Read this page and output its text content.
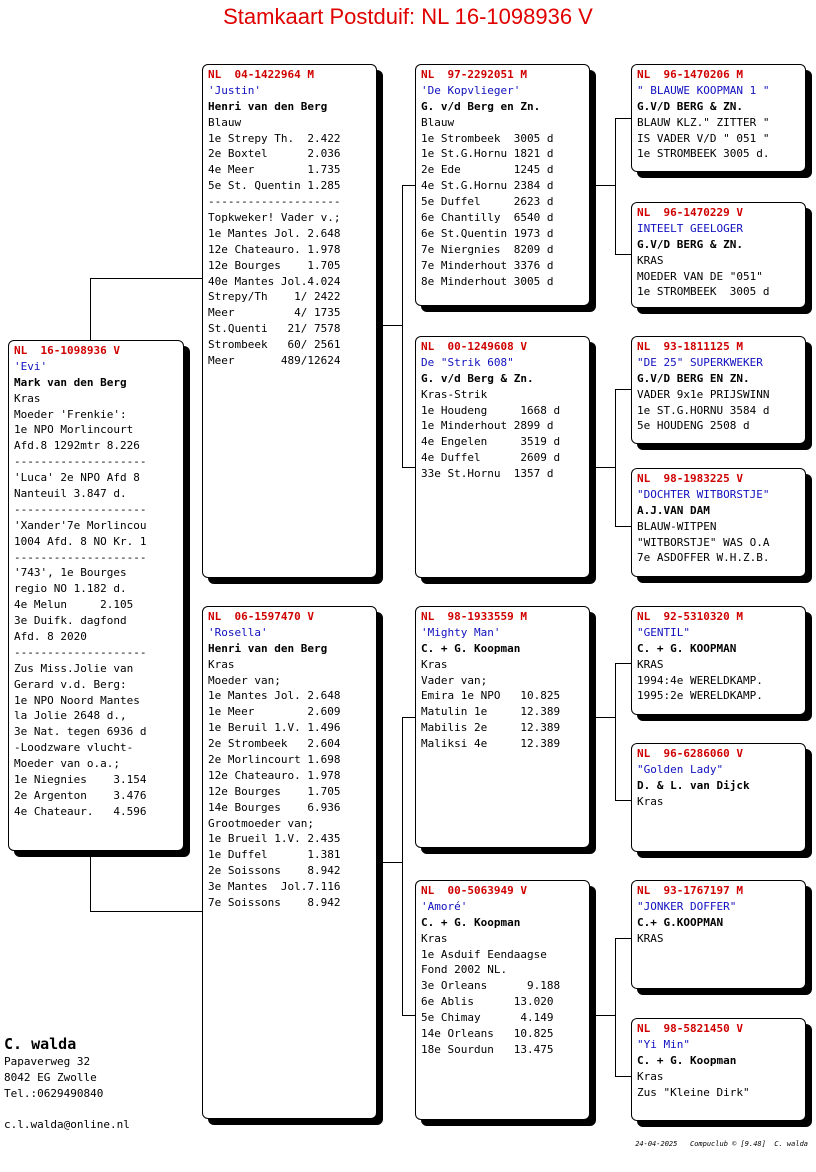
Stamkaart Postduif: NL 16-1098936 V
NL  16-1098936 V
'Evi'
Mark van den Berg
Kras
Moeder 'Frenkie':
1e NPO Morlincourt
Afd.8 1292mtr 8.226
--------------------
'Luca' 2e NPO Afd 8
Nanteuil 3.847 d.
--------------------
'Xander'7e Morlincou
1004 Afd. 8 NO Kr. 1
--------------------
'743', 1e Bourges
regio NO 1.182 d.
4e Melun     2.105
3e Duifk. dagfond
Afd. 8 2020
--------------------
Zus Miss.Jolie van
Gerard v.d. Berg:
1e NPO Noord Mantes
la Jolie 2648 d.,
3e Nat. tegen 6936 d
-Loodzware vlucht-
Moeder van o.a.;
1e Niegnies    3.154
2e Argenton    3.476
4e Chateaur.   4.596
NL  04-1422964 M
'Justin'
Henri van den Berg
Blauw
1e Strepy Th.  2.422
2e Boxtel      2.036
4e Meer        1.735
5e St. Quentin 1.285
--------------------
Topkweker! Vader v.;
1e Mantes Jol. 2.648
12e Chateauro. 1.978
12e Bourges    1.705
40e Mantes Jol.4.024
Strepy/Th    1/ 2422
Meer         4/ 1735
St.Quenti   21/ 7578
Strombeek   60/ 2561
Meer       489/12624
NL  06-1597470 V
'Rosella'
Henri van den Berg
Kras
Moeder van;
1e Mantes Jol. 2.648
1e Meer        2.609
1e Beruil 1.V. 1.496
2e Strombeek   2.604
2e Morlincourt 1.698
12e Chateauro. 1.978
12e Bourges    1.705
14e Bourges    6.936
Grootmoeder van;
1e Brueil 1.V. 2.435
1e Duffel      1.381
2e Soissons    8.942
3e Mantes  Jol.7.116
7e Soissons    8.942
NL  97-2292051 M
'De Kopvlieger'
G. v/d Berg en Zn.
Blauw
1e Strombeek  3005 d
1e St.G.Hornu 1821 d
2e Ede        1245 d
4e St.G.Hornu 2384 d
5e Duffel     2623 d
6e Chantilly  6540 d
6e St.Quentin 1973 d
7e Niergnies  8209 d
7e Minderhout 3376 d
8e Minderhout 3005 d
NL  00-1249608 V
De "Strik 608"
G. v/d Berg & Zn.
Kras-Strik
1e Houdeng     1668 d
1e Minderhout 2899 d
4e Engelen     3519 d
4e Duffel      2609 d
33e St.Hornu  1357 d
NL  98-1933559 M
'Mighty Man'
C. + G. Koopman
Kras
Vader van;
Emira 1e NPO   10.825
Matulin 1e     12.389
Mabilis 2e     12.389
Maliksi 4e     12.389
NL  00-5063949 V
'Amoré'
C. + G. Koopman
Kras
1e Asduif Eendaagse
Fond 2002 NL.
3e Orleans      9.188
6e Ablis      13.020
5e Chimay      4.149
14e Orleans   10.825
18e Sourdun   13.475
NL  96-1470206 M
" BLAUWE KOOPMAN 1 "
G.V/D BERG & ZN.
BLAUW KLZ." ZITTER "
IS VADER V/D " 051 "
1e STROMBEEK 3005 d.
NL  96-1470229 V
INTEELT GEELOGER
G.V/D BERG & ZN.
KRAS
MOEDER VAN DE "051"
1e STROMBEEK  3005 d
NL  93-1811125 M
"DE 25" SUPERKWEKER
G.V/D BERG EN ZN.
VADER 9x1e PRIJSWINN
1e ST.G.HORNU 3584 d
5e HOUDENG 2508 d
NL  98-1983225 V
"DOCHTER WITBORSTJE"
A.J.VAN DAM
BLAUW-WITPEN
"WITBORSTJE" WAS O.A
7e ASDOFFER W.H.Z.B.
NL  92-5310320 M
"GENTIL"
C. + G. KOOPMAN
KRAS
1994:4e WERELDKAMP.
1995:2e WERELDKAMP.
NL  96-6286060 V
"Golden Lady"
D. & L. van Dijck
Kras
NL  93-1767197 M
"JONKER DOFFER"
C.+ G.KOOPMAN
KRAS
NL  98-5821450 V
"Yi Min"
C. + G. Koopman
Kras
Zus "Kleine Dirk"
C. walda
Papaverweg 32
8042 EG Zwolle
Tel.:0629490840
c.l.walda@online.nl
24-04-2025   Compuclub © [9.48]  C. walda
